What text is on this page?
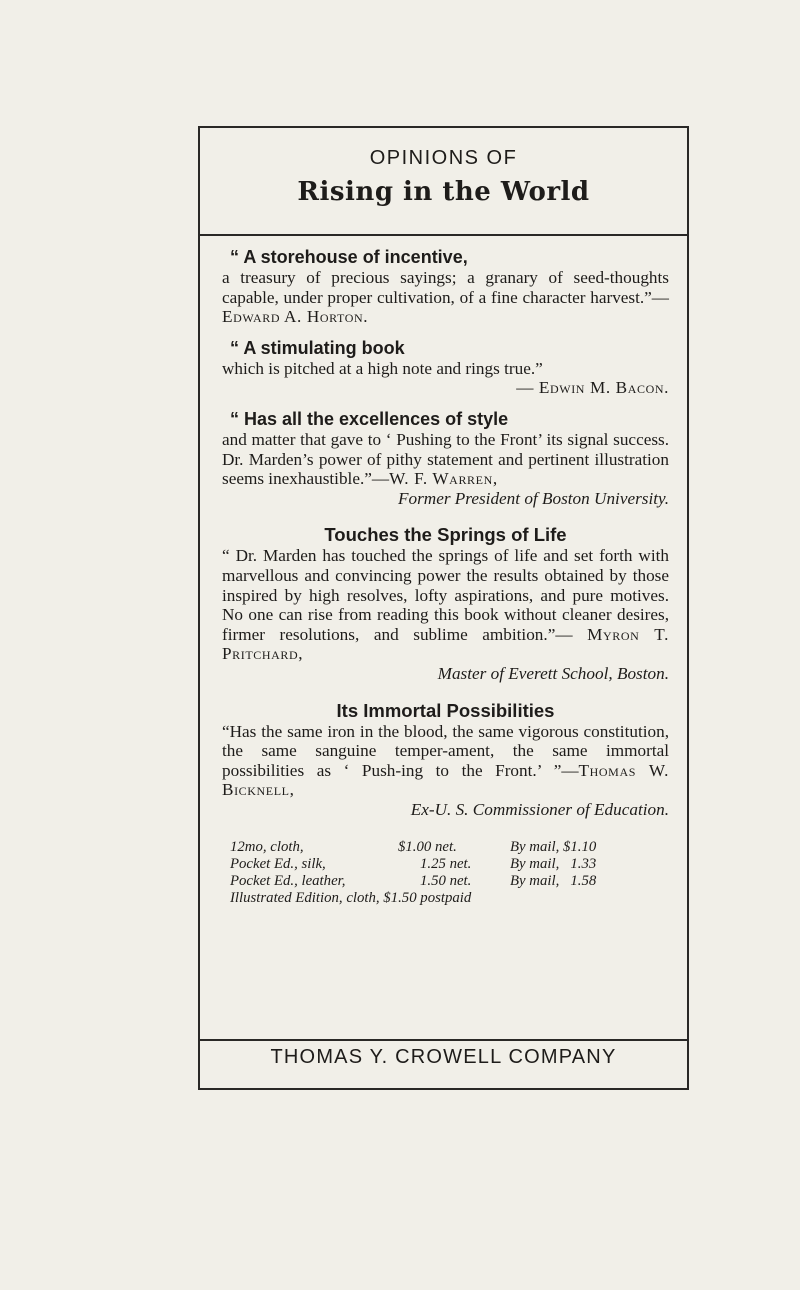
OPINIONS OF
Rising in the World
“ A storehouse of incentive,
a treasury of precious sayings; a granary of seed-thoughts capable, under proper cultivation, of a fine character harvest.”—Edward A. Horton.
“ A stimulating book
which is pitched at a high note and rings true.”
— Edwin M. Bacon.
“ Has all the excellences of style
and matter that gave to ‘ Pushing to the Front’ its signal success. Dr. Marden’s power of pithy statement and pertinent illustration seems inexhaustible.”—W. F. Warren,
Former President of Boston University.
Touches the Springs of Life
“ Dr. Marden has touched the springs of life and set forth with marvellous and convincing power the results obtained by those inspired by high resolves, lofty aspirations, and pure motives. No one can rise from reading this book without cleaner desires, firmer resolutions, and sublime ambition.”— Myron T. Pritchard,
Master of Everett School, Boston.
Its Immortal Possibilities
“Has the same iron in the blood, the same vigorous constitution, the same sanguine temper-ament, the same immortal possibilities as ‘ Push-ing to the Front.’ ”—Thomas W. Bicknell,
Ex-U. S. Commissioner of Education.
12mo, cloth,	$1.00 net.	By mail, $1.10
Pocket Ed., silk,	1.25 net.	By mail,   1.33
Pocket Ed., leather,	1.50 net.	By mail,   1.58
Illustrated Edition, cloth, $1.50 postpaid		
THOMAS Y. CROWELL COMPANY
